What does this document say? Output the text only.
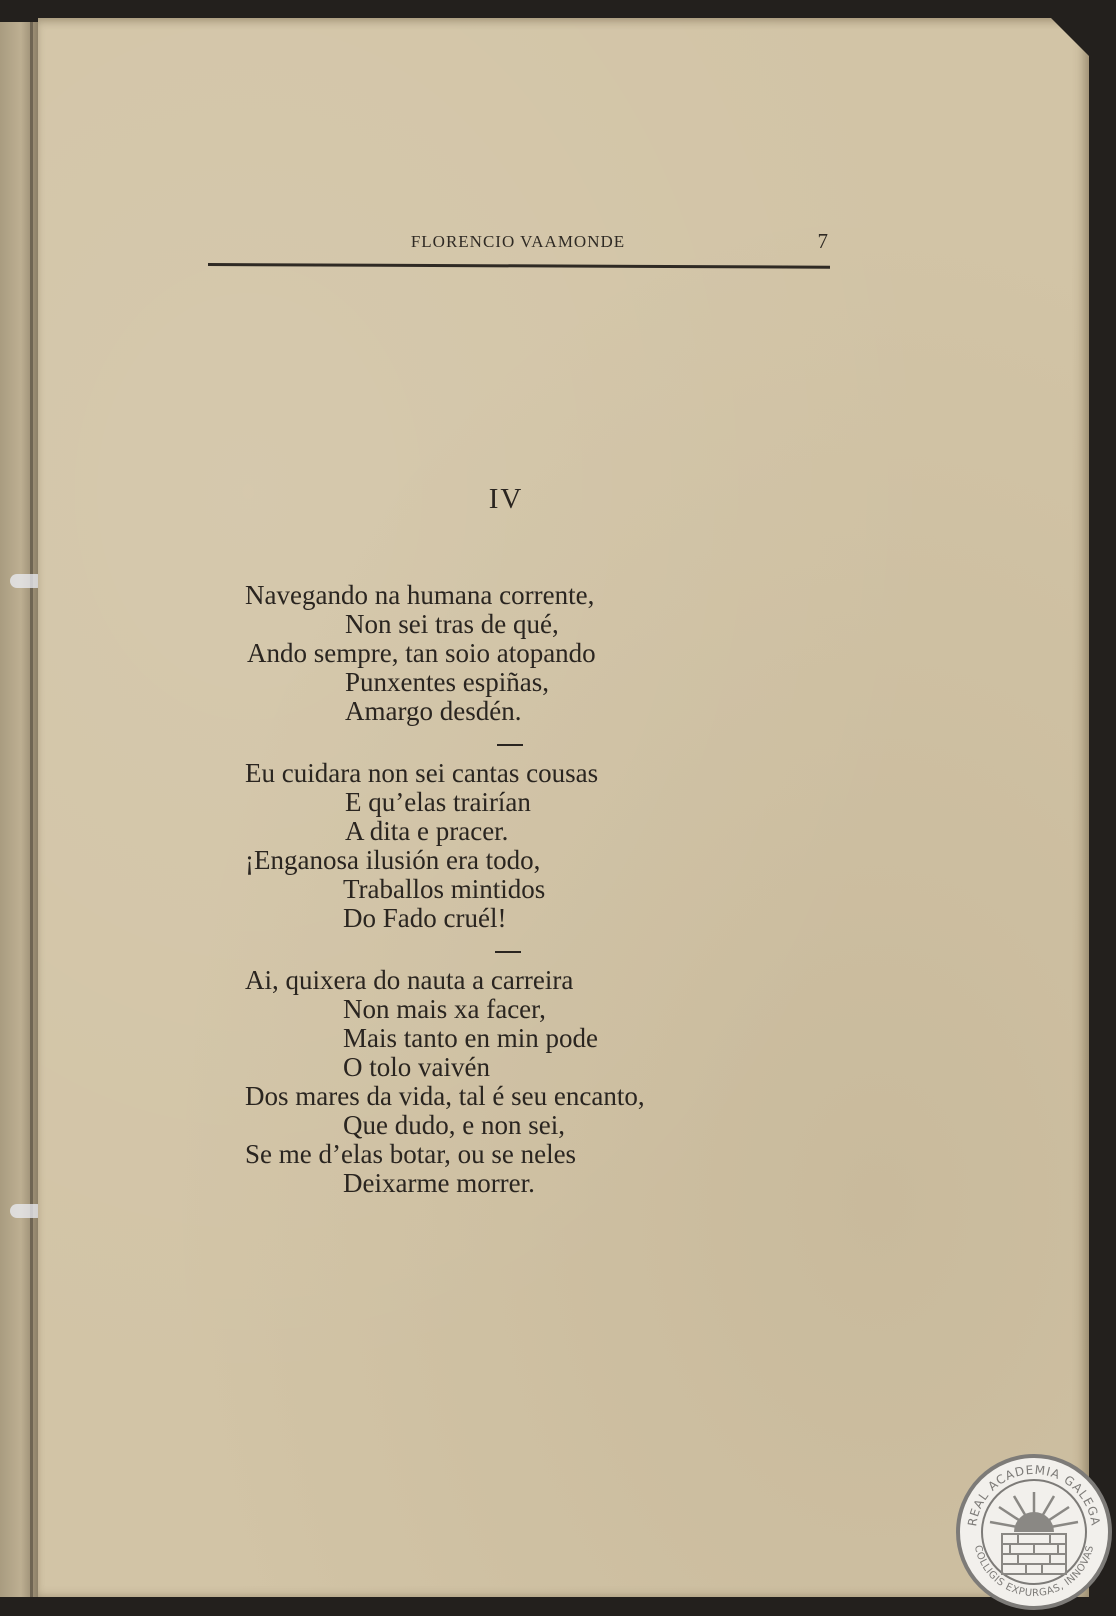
FLORENCIO VAAMONDE	7
IV
Navegando na humana corrente,
Non sei tras de qué,
Ando sempre, tan soio atopando
Punxentes espiñas,
Amargo desdén.
Eu cuidara non sei cantas cousas
E qu’elas trairían
A dita e pracer.
¡Enganosa ilusión era todo,
Traballos mintidos
Do Fado cruél!
Ai, quixera do nauta a carreira
Non mais xa facer,
Mais tanto en min pode
O tolo vaivén
Dos mares da vida, tal é seu encanto,
Que dudo, e non sei,
Se me d’elas botar, ou se neles
Deixarme morrer.
REAL ACADEMIA GALEGA
COLLIGIS EXPURGAS, INNOVAS
